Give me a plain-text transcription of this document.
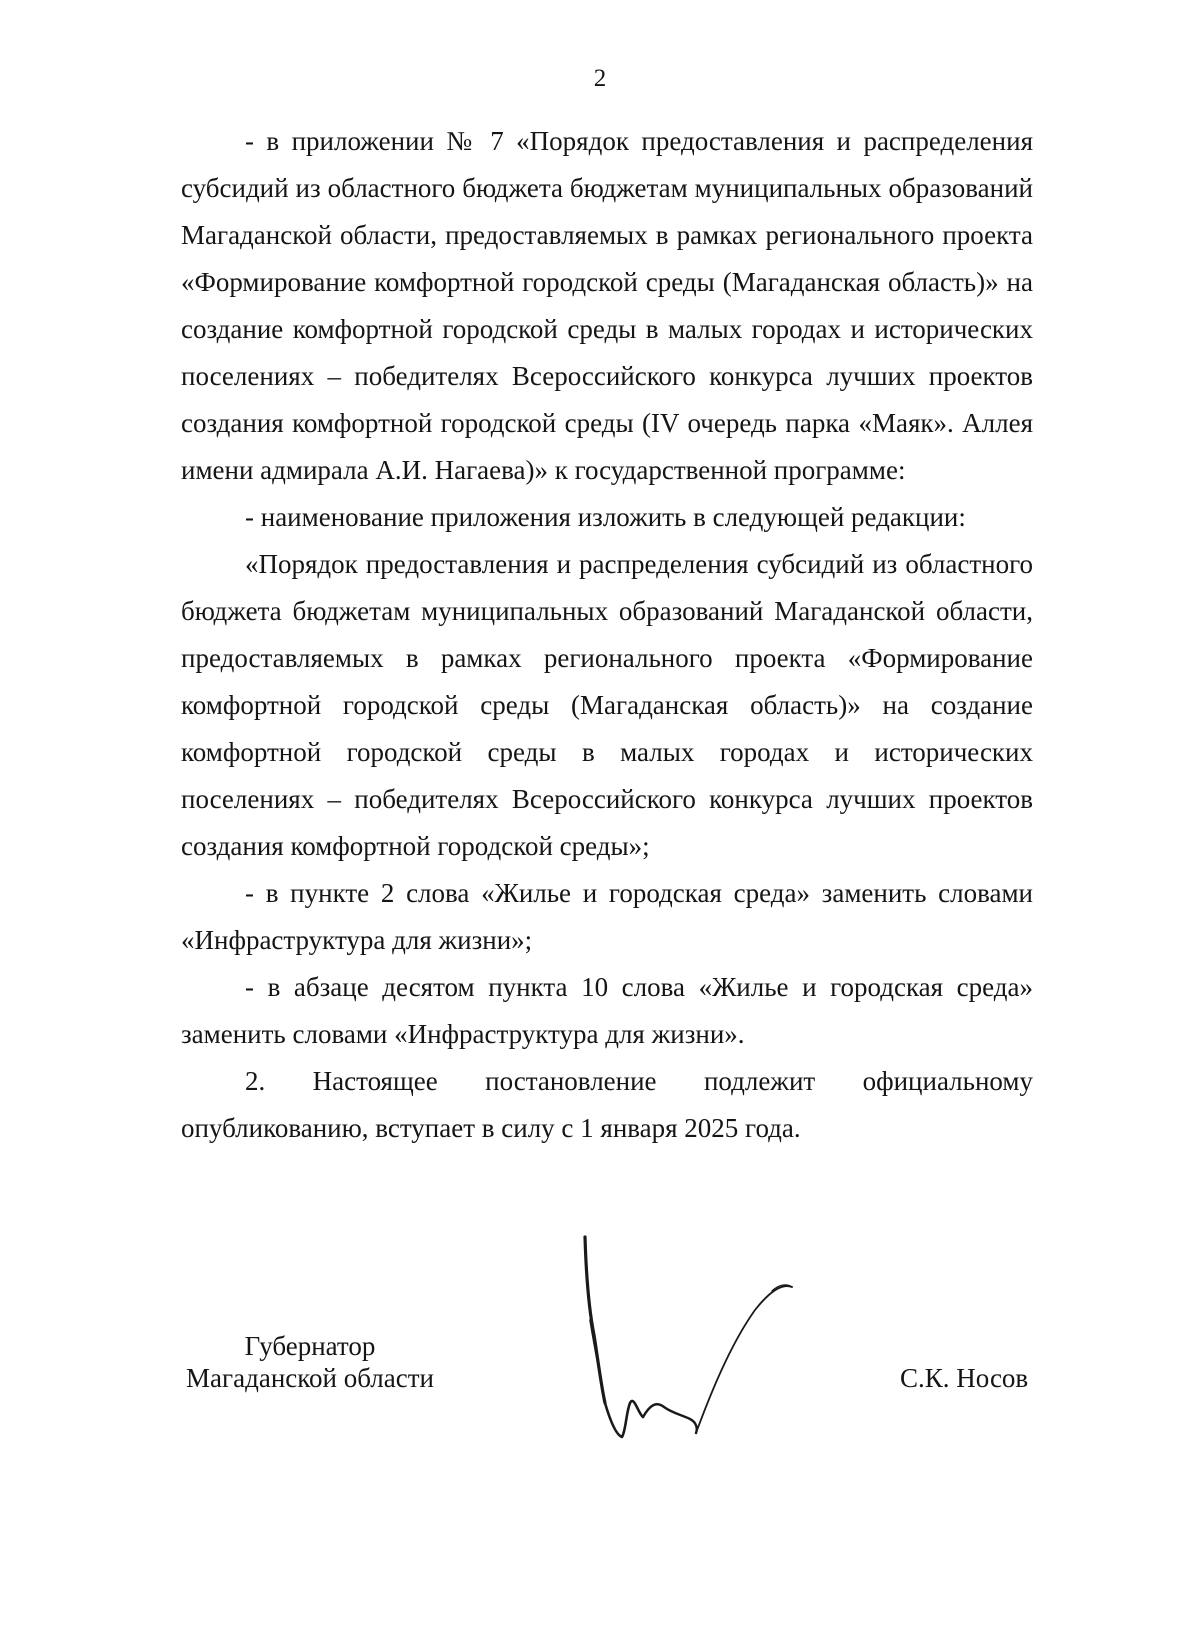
2

- в приложении № 7 «Порядок предоставления и распределения субсидий из областного бюджета бюджетам муниципальных образований Магаданской области, предоставляемых в рамках регионального проекта «Формирование комфортной городской среды (Магаданская область)» на создание комфортной городской среды в малых городах и исторических поселениях – победителях Всероссийского конкурса лучших проектов создания комфортной городской среды (IV очередь парка «Маяк». Аллея имени адмирала А.И. Нагаева)» к государственной программе:

- наименование приложения изложить в следующей редакции:

«Порядок предоставления и распределения субсидий из областного бюджета бюджетам муниципальных образований Магаданской области, предоставляемых в рамках регионального проекта «Формирование комфортной городской среды (Магаданская область)» на создание комфортной городской среды в малых городах и исторических поселениях – победителях Всероссийского конкурса лучших проектов создания комфортной городской среды»;

- в пункте 2 слова «Жилье и городская среда» заменить словами «Инфраструктура для жизни»;

- в абзаце десятом пункта 10 слова «Жилье и городская среда» заменить словами «Инфраструктура для жизни».

2. Настоящее постановление подлежит официальному опубликованию, вступает в силу с 1 января 2025 года.

Губернатор
Магаданской области	С.К. Носов
